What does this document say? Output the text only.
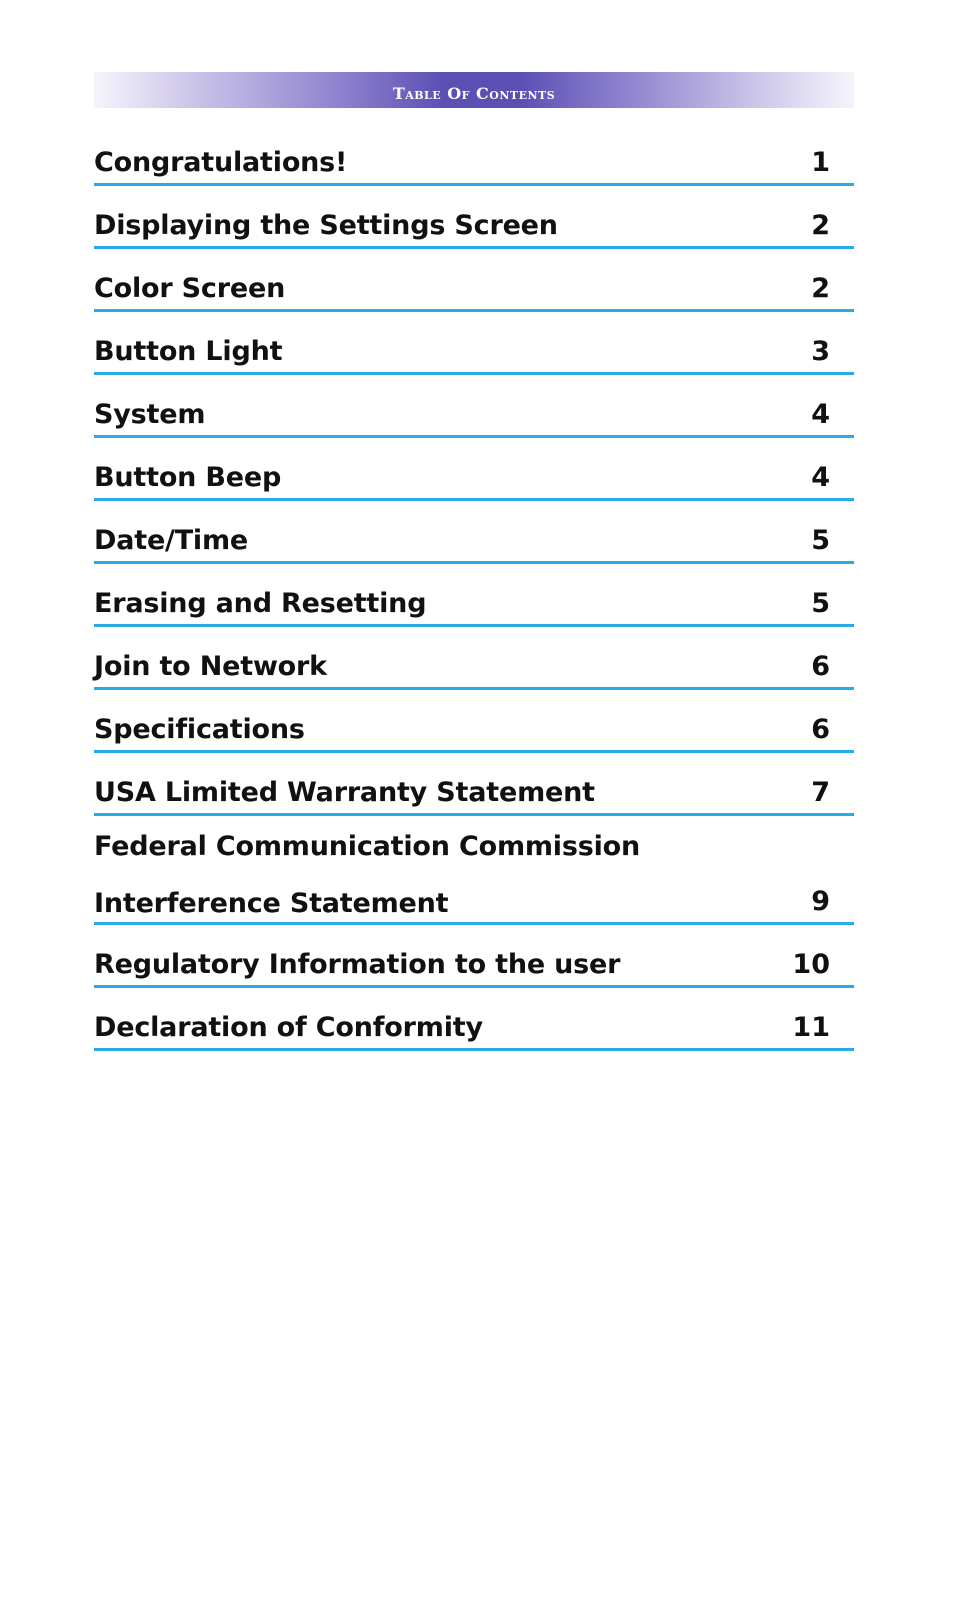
Table Of Contents
Congratulations!	1
Displaying the Settings Screen	2
Color Screen	2
Button Light	3
System	4
Button Beep	4
Date/Time	5
Erasing and Resetting	5
Join to Network	6
Specifications	6
USA Limited Warranty Statement	7
Federal Communication Commission
Interference Statement	9
Regulatory Information to the user	10
Declaration of Conformity	11
